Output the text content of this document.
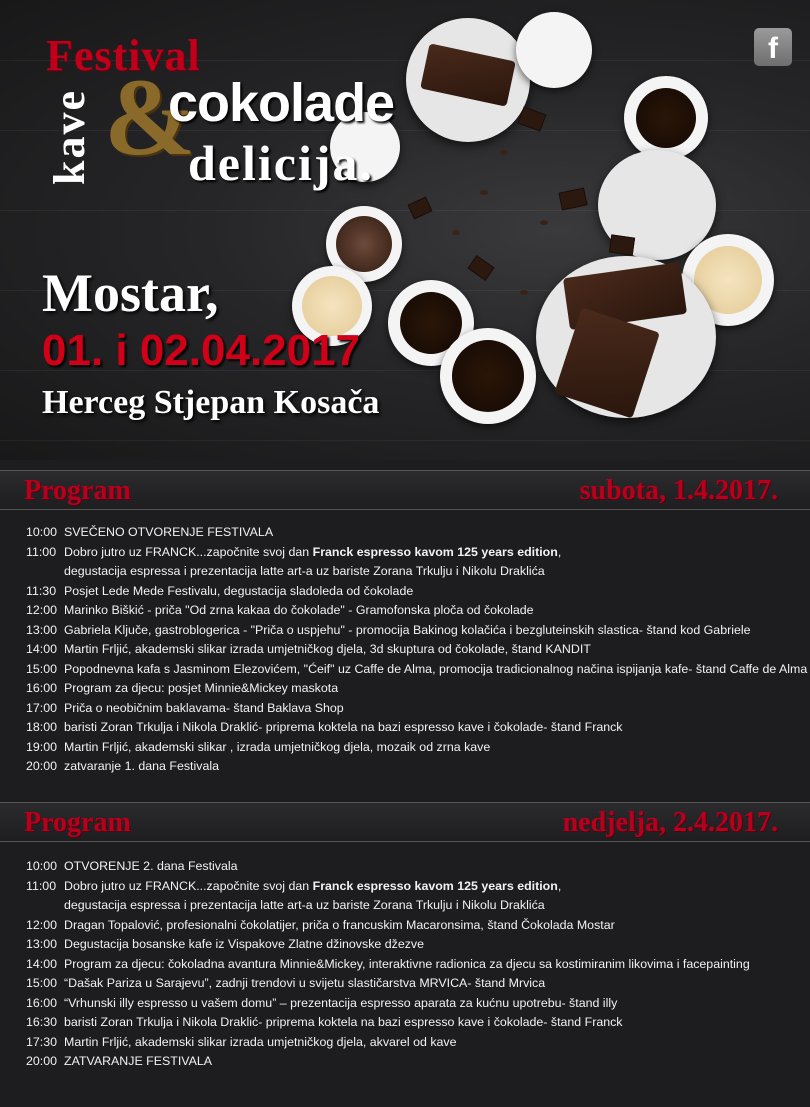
Festival
kave &
cokolade
delicija.
Mostar,
01. i 02.04.2017
Herceg Stjepan Kosača
f
Program	subota, 1.4.2017.
10:00 SVEČENO OTVORENJE FESTIVALA
11:00 Dobro jutro uz FRANCK...započnite svoj dan Franck espresso kavom 125 years edition,
degustacija espressa i prezentacija latte art-a uz bariste Zorana Trkulju i Nikolu Draklića
11:30 Posjet Lede Mede Festivalu, degustacija sladoleda od čokolade
12:00 Marinko Biškić - priča "Od zrna kakaa do čokolade" - Gramofonska ploča od čokolade
13:00 Gabriela Ključe, gastroblogerica - "Priča o uspjehu" - promocija Bakinog kolačića i bezgluteinskih slastica- štand kod Gabriele
14:00 Martin Frljić, akademski slikar izrada umjetničkog djela, 3d skuptura od čokolade, štand KANDIT
15:00 Popodnevna kafa s Jasminom Elezovićem, "Ćeif" uz Caffe de Alma, promocija tradicionalnog načina ispijanja kafe- štand Caffe de Alma
16:00 Program za djecu: posjet Minnie&Mickey maskota
17:00 Priča o neobičnim baklavama- štand Baklava Shop
18:00 baristi Zoran Trkulja i Nikola Draklić- priprema koktela na bazi espresso kave i čokolade- štand Franck
19:00 Martin Frljić, akademski slikar , izrada umjetničkog djela, mozaik od zrna kave
20:00 zatvaranje 1. dana Festivala
Program	nedjelja, 2.4.2017.
10:00 OTVORENJE 2. dana Festivala
11:00 Dobro jutro uz FRANCK...započnite svoj dan Franck espresso kavom 125 years edition,
degustacija espressa i prezentacija latte art-a uz bariste Zorana Trkulju i Nikolu Draklića
12:00 Dragan Topalović, profesionalni čokolatijer, priča o francuskim Macaronsima, štand Čokolada Mostar
13:00 Degustacija bosanske kafe iz Vispakove Zlatne džinovske džezve
14:00 Program za djecu: čokoladna avantura Minnie&Mickey, interaktivne radionica za djecu sa kostimiranim likovima i facepainting
15:00 “Dašak Pariza u Sarajevu”, zadnji trendovi u svijetu slastičarstva MRVICA- štand Mrvica
16:00 “Vrhunski illy espresso u vašem domu” – prezentacija espresso aparata za kućnu upotrebu- štand illy
16:30 baristi Zoran Trkulja i Nikola Draklić- priprema koktela na bazi espresso kave i čokolade- štand Franck
17:30 Martin Frljić, akademski slikar izrada umjetničkog djela, akvarel od kave
20:00 ZATVARANJE FESTIVALA
